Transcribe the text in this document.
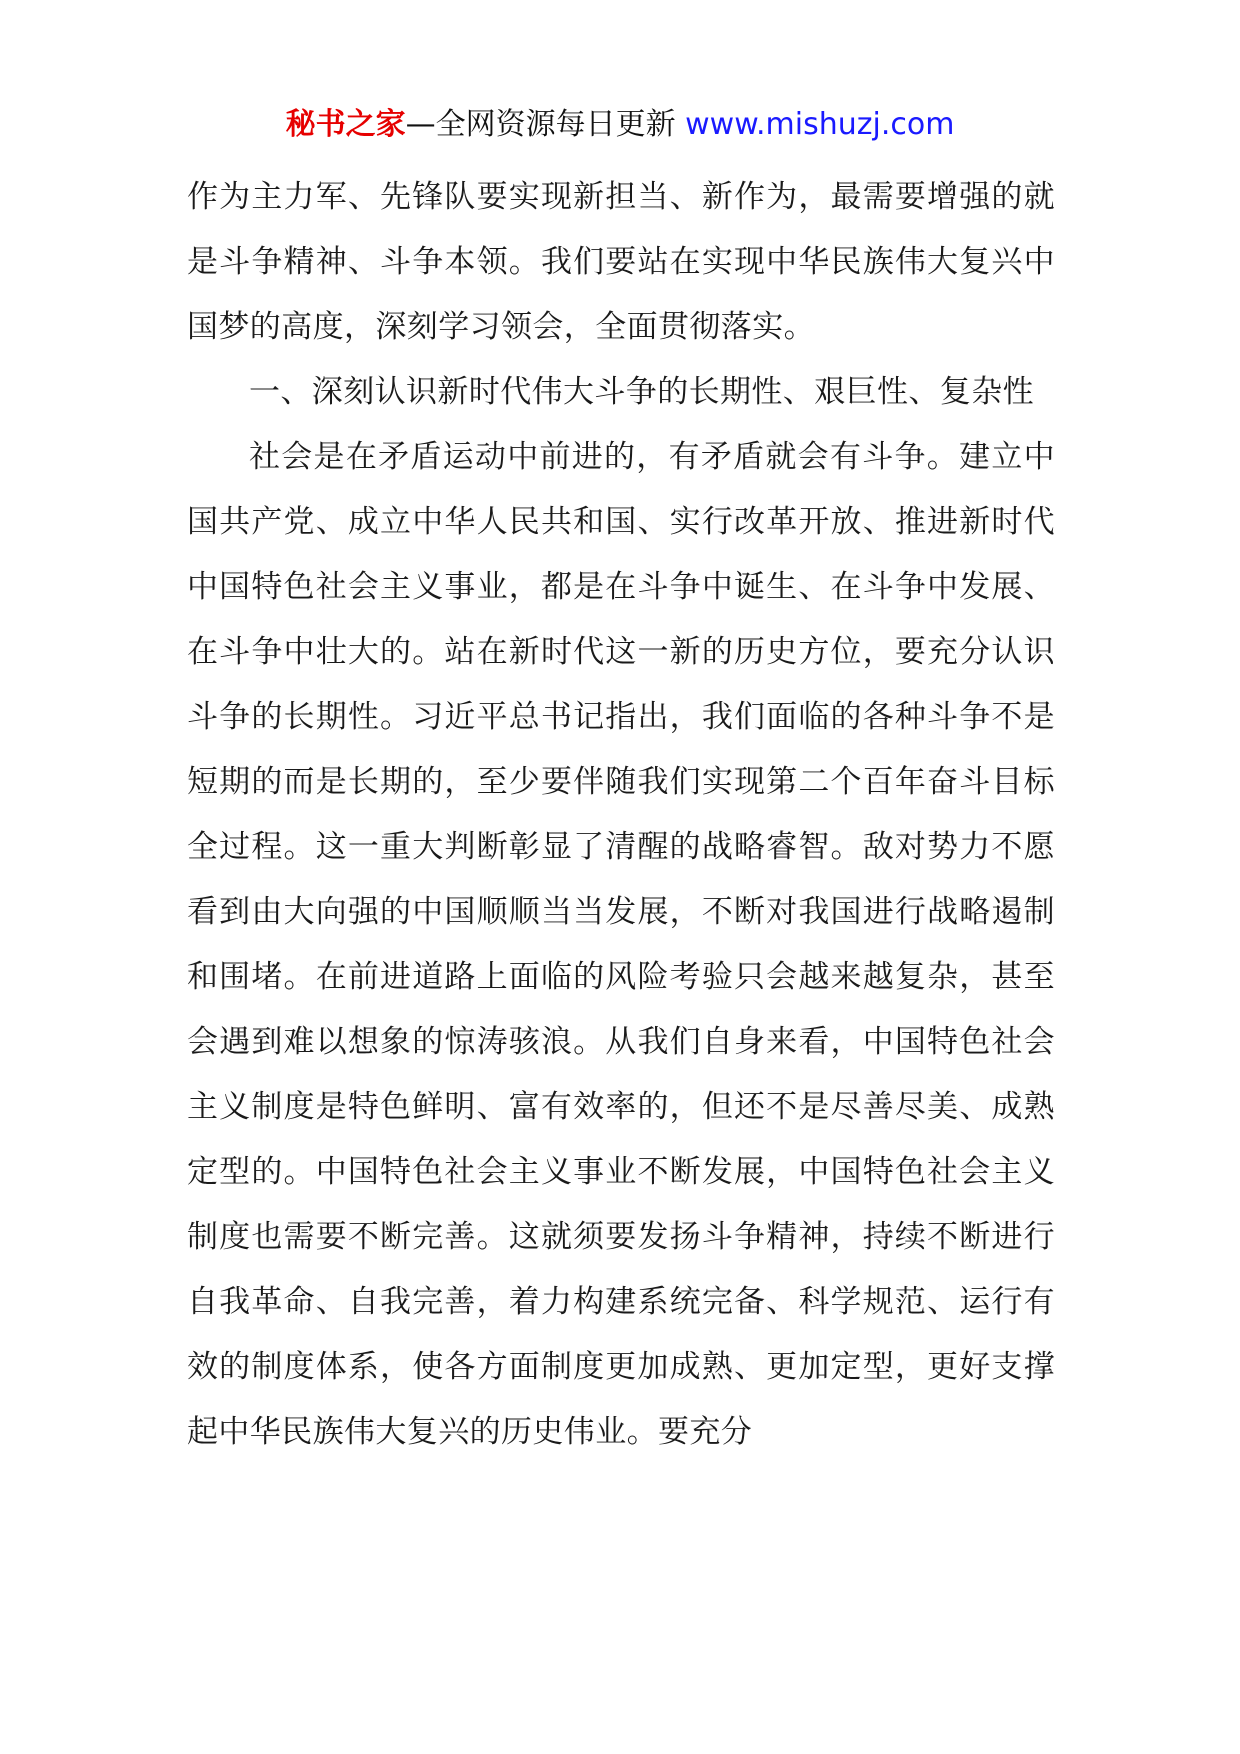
秘书之家—全网资源每日更新 www.mishuzj.com

作为主力军、先锋队要实现新担当、新作为，最需要增强的就是斗争精神、斗争本领。我们要站在实现中华民族伟大复兴中国梦的高度，深刻学习领会，全面贯彻落实。

一、深刻认识新时代伟大斗争的长期性、艰巨性、复杂性

社会是在矛盾运动中前进的，有矛盾就会有斗争。建立中国共产党、成立中华人民共和国、实行改革开放、推进新时代中国特色社会主义事业，都是在斗争中诞生、在斗争中发展、在斗争中壮大的。站在新时代这一新的历史方位，要充分认识斗争的长期性。习近平总书记指出，我们面临的各种斗争不是短期的而是长期的，至少要伴随我们实现第二个百年奋斗目标全过程。这一重大判断彰显了清醒的战略睿智。敌对势力不愿看到由大向强的中国顺顺当当发展，不断对我国进行战略遏制和围堵。在前进道路上面临的风险考验只会越来越复杂，甚至会遇到难以想象的惊涛骇浪。从我们自身来看，中国特色社会主义制度是特色鲜明、富有效率的，但还不是尽善尽美、成熟定型的。中国特色社会主义事业不断发展，中国特色社会主义制度也需要不断完善。这就须要发扬斗争精神，持续不断进行自我革命、自我完善，着力构建系统完备、科学规范、运行有效的制度体系，使各方面制度更加成熟、更加定型，更好支撑起中华民族伟大复兴的历史伟业。要充分
